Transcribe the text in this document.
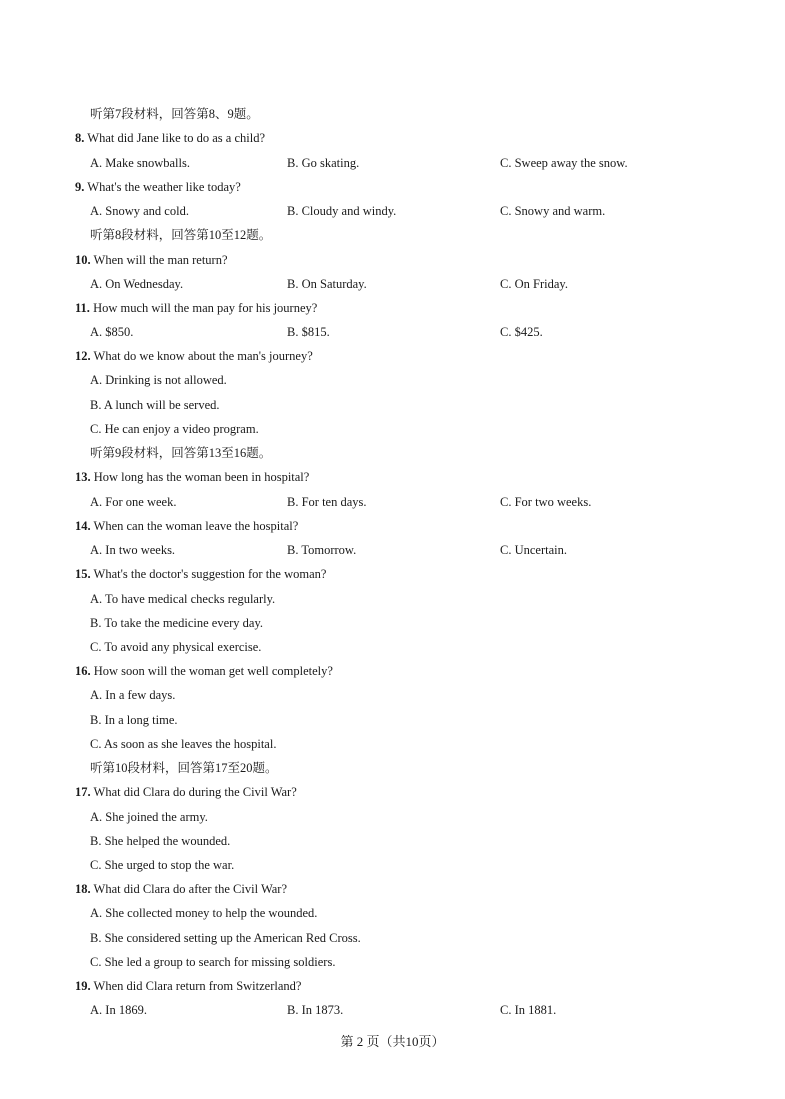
听第7段材料，回答第8、9题。
8. What did Jane like to do as a child?
A. Make snowballs.	B. Go skating.	C. Sweep away the snow.
9. What's the weather like today?
A. Snowy and cold.	B. Cloudy and windy.	C. Snowy and warm.
听第8段材料，回答第10至12题。
10. When will the man return?
A. On Wednesday.	B. On Saturday.	C. On Friday.
11. How much will the man pay for his journey?
A. $850.	B. $815.	C. $425.
12. What do we know about the man's journey?
A. Drinking is not allowed.
B. A lunch will be served.
C. He can enjoy a video program.
听第9段材料，回答第13至16题。
13. How long has the woman been in hospital?
A. For one week.	B. For ten days.	C. For two weeks.
14. When can the woman leave the hospital?
A. In two weeks.	B. Tomorrow.	C. Uncertain.
15. What's the doctor's suggestion for the woman?
A. To have medical checks regularly.
B. To take the medicine every day.
C. To avoid any physical exercise.
16. How soon will the woman get well completely?
A. In a few days.
B. In a long time.
C. As soon as she leaves the hospital.
听第10段材料，回答第17至20题。
17. What did Clara do during the Civil War?
A. She joined the army.
B. She helped the wounded.
C. She urged to stop the war.
18. What did Clara do after the Civil War?
A. She collected money to help the wounded.
B. She considered setting up the American Red Cross.
C. She led a group to search for missing soldiers.
19. When did Clara return from Switzerland?
A. In 1869.	B. In 1873.	C. In 1881.
第 2 页（共10页）
